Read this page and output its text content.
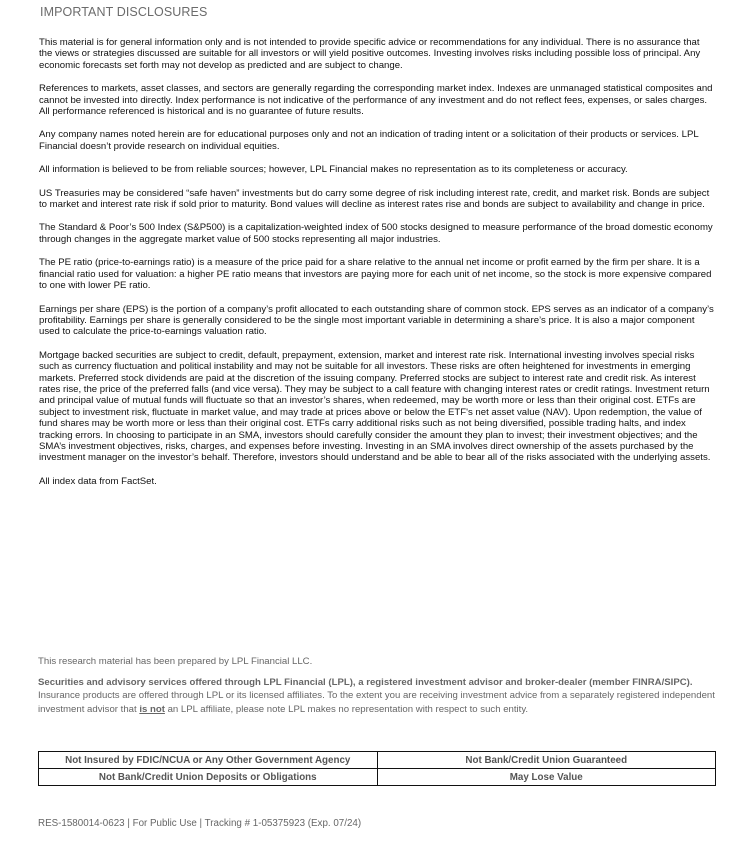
IMPORTANT DISCLOSURES

This material is for general information only and is not intended to provide specific advice or recommendations for any individual. There is no assurance that the views or strategies discussed are suitable for all investors or will yield positive outcomes. Investing involves risks including possible loss of principal. Any economic forecasts set forth may not develop as predicted and are subject to change.

References to markets, asset classes, and sectors are generally regarding the corresponding market index. Indexes are unmanaged statistical composites and cannot be invested into directly. Index performance is not indicative of the performance of any investment and do not reflect fees, expenses, or sales charges. All performance referenced is historical and is no guarantee of future results.

Any company names noted herein are for educational purposes only and not an indication of trading intent or a solicitation of their products or services. LPL Financial doesn’t provide research on individual equities.

All information is believed to be from reliable sources; however, LPL Financial makes no representation as to its completeness or accuracy.

US Treasuries may be considered “safe haven” investments but do carry some degree of risk including interest rate, credit, and market risk. Bonds are subject to market and interest rate risk if sold prior to maturity. Bond values will decline as interest rates rise and bonds are subject to availability and change in price.

The Standard & Poor’s 500 Index (S&P500) is a capitalization-weighted index of 500 stocks designed to measure performance of the broad domestic economy through changes in the aggregate market value of 500 stocks representing all major industries.

The PE ratio (price-to-earnings ratio) is a measure of the price paid for a share relative to the annual net income or profit earned by the firm per share. It is a financial ratio used for valuation: a higher PE ratio means that investors are paying more for each unit of net income, so the stock is more expensive compared to one with lower PE ratio.

Earnings per share (EPS) is the portion of a company’s profit allocated to each outstanding share of common stock. EPS serves as an indicator of a company’s profitability. Earnings per share is generally considered to be the single most important variable in determining a share’s price. It is also a major component used to calculate the price-to-earnings valuation ratio.

Mortgage backed securities are subject to credit, default, prepayment, extension, market and interest rate risk. International investing involves special risks such as currency fluctuation and political instability and may not be suitable for all investors. These risks are often heightened for investments in emerging markets. Preferred stock dividends are paid at the discretion of the issuing company. Preferred stocks are subject to interest rate and credit risk. As interest rates rise, the price of the preferred falls (and vice versa). They may be subject to a call feature with changing interest rates or credit ratings. Investment return and principal value of mutual funds will fluctuate so that an investor’s shares, when redeemed, may be worth more or less than their original cost. ETFs are subject to investment risk, fluctuate in market value, and may trade at prices above or below the ETF's net asset value (NAV). Upon redemption, the value of fund shares may be worth more or less than their original cost. ETFs carry additional risks such as not being diversified, possible trading halts, and index tracking errors. In choosing to participate in an SMA, investors should carefully consider the amount they plan to invest; their investment objectives; and the SMA’s investment objectives, risks, charges, and expenses before investing. Investing in an SMA involves direct ownership of the assets purchased by the investment manager on the investor’s behalf. Therefore, investors should understand and be able to bear all of the risks associated with the underlying assets.

All index data from FactSet.

This research material has been prepared by LPL Financial LLC.
Securities and advisory services offered through LPL Financial (LPL), a registered investment advisor and broker-dealer (member FINRA/SIPC). Insurance products are offered through LPL or its licensed affiliates. To the extent you are receiving investment advice from a separately registered independent investment advisor that is not an LPL affiliate, please note LPL makes no representation with respect to such entity.
Not Insured by FDIC/NCUA or Any Other Government Agency	Not Bank/Credit Union Guaranteed
Not Bank/Credit Union Deposits or Obligations	May Lose Value
RES-1580014-0623 | For Public Use | Tracking # 1-05375923 (Exp. 07/24)
